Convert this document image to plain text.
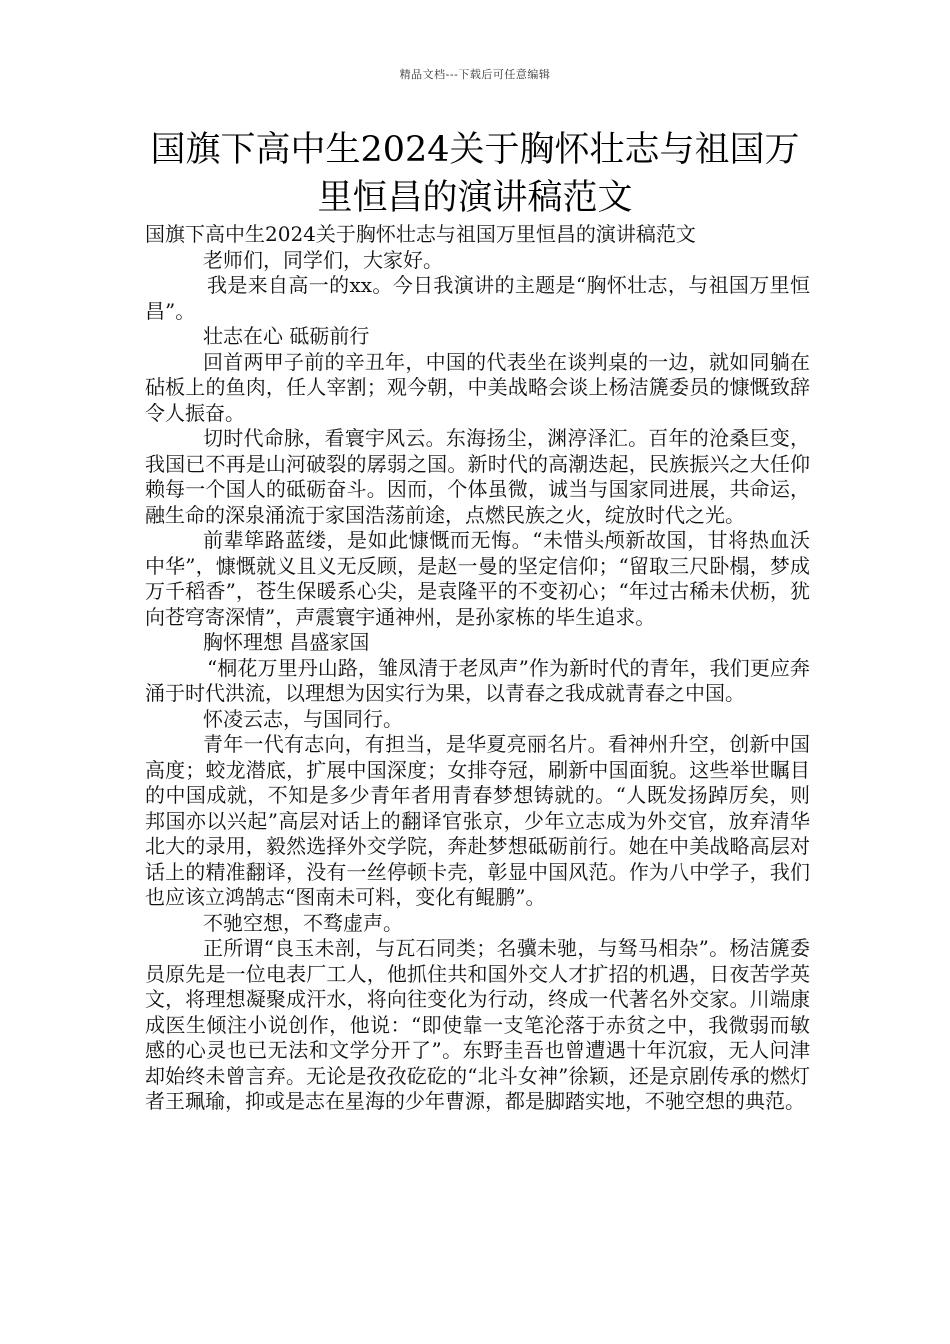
精品文档---下载后可任意编辑
国旗下高中生2024关于胸怀壮志与祖国万里恒昌的演讲稿范文

国旗下高中生2024关于胸怀壮志与祖国万里恒昌的演讲稿范文

老师们，同学们，大家好。

我是来自高一的xx。今日我演讲的主题是“胸怀壮志，与祖国万里恒昌”。

壮志在心 砥砺前行

回首两甲子前的辛丑年，中国的代表坐在谈判桌的一边，就如同躺在砧板上的鱼肉，任人宰割；观今朝，中美战略会谈上杨洁篪委员的慷慨致辞令人振奋。

切时代命脉，看寰宇风云。东海扬尘，渊渟泽汇。百年的沧桑巨变，我国已不再是山河破裂的孱弱之国。新时代的高潮迭起，民族振兴之大任仰赖每一个国人的砥砺奋斗。因而，个体虽微，诚当与国家同进展，共命运，融生命的深泉涌流于家国浩荡前途，点燃民族之火，绽放时代之光。

前辈筚路蓝缕，是如此慷慨而无悔。“未惜头颅新故国，甘将热血沃中华”，慷慨就义且义无反顾，是赵一曼的坚定信仰；“留取三尺卧榻，梦成万千稻香”，苍生保暖系心尖，是袁隆平的不变初心；“年过古稀未伏枥，犹向苍穹寄深情”，声震寰宇通神州，是孙家栋的毕生追求。

胸怀理想 昌盛家国

“桐花万里丹山路，雏凤清于老凤声”作为新时代的青年，我们更应奔涌于时代洪流，以理想为因实行为果，以青春之我成就青春之中国。

怀凌云志，与国同行。

青年一代有志向，有担当，是华夏亮丽名片。看神州升空，创新中国高度；蛟龙潜底，扩展中国深度；女排夺冠，刷新中国面貌。这些举世瞩目的中国成就，不知是多少青年者用青春梦想铸就的。“人既发扬踔厉矣，则邦国亦以兴起”高层对话上的翻译官张京，少年立志成为外交官，放弃清华北大的录用，毅然选择外交学院，奔赴梦想砥砺前行。她在中美战略高层对话上的精准翻译，没有一丝停顿卡壳，彰显中国风范。作为八中学子，我们也应该立鸿鹄志“图南未可料，变化有鲲鹏”。

不驰空想，不骛虚声。

正所谓“良玉未剖，与瓦石同类；名骥未驰，与驽马相杂”。杨洁篪委员原先是一位电表厂工人，他抓住共和国外交人才扩招的机遇，日夜苦学英文，将理想凝聚成汗水，将向往变化为行动，终成一代著名外交家。川端康成医生倾注小说创作，他说：“即使靠一支笔沦落于赤贫之中，我微弱而敏感的心灵也已无法和文学分开了”。东野圭吾也曾遭遇十年沉寂，无人问津却始终未曾言弃。无论是孜孜矻矻的“北斗女神”徐颖，还是京剧传承的燃灯者王珮瑜，抑或是志在星海的少年曹源，都是脚踏实地，不驰空想的典范。
